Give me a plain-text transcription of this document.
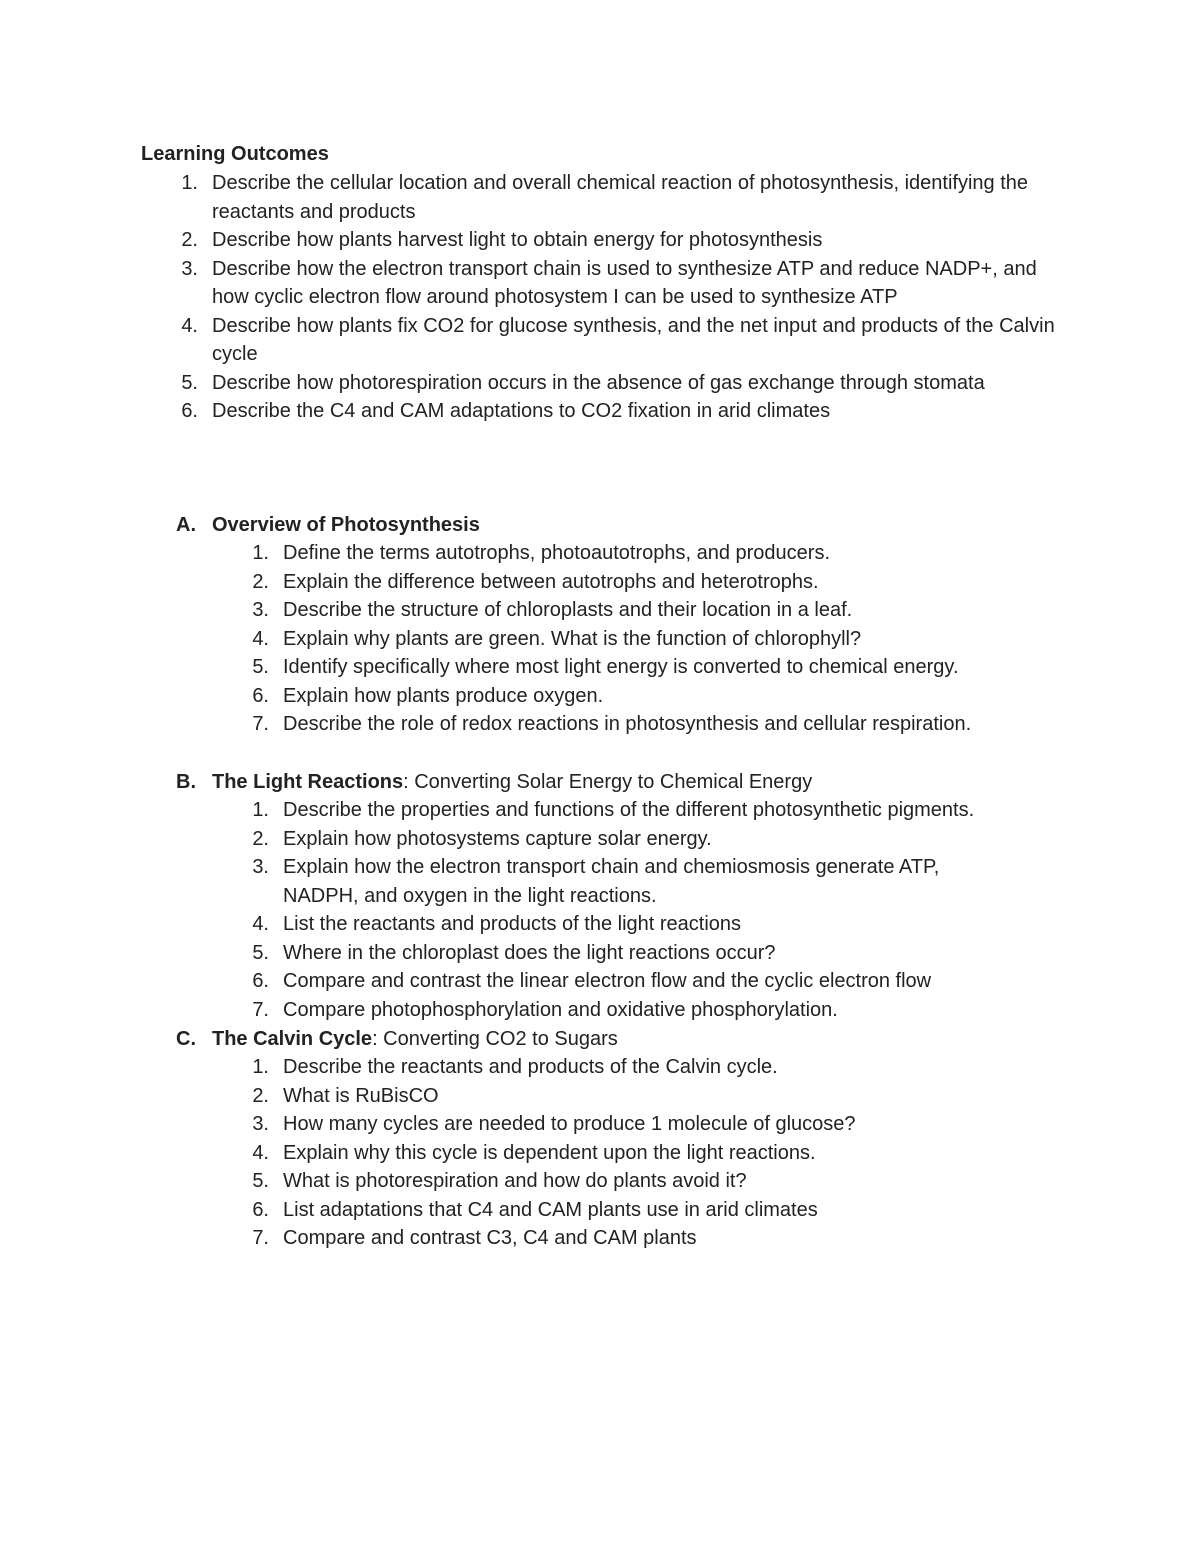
Learning Outcomes
1. Describe the cellular location and overall chemical reaction of photosynthesis, identifying the reactants and products
2. Describe how plants harvest light to obtain energy for photosynthesis
3. Describe how the electron transport chain is used to synthesize ATP and reduce NADP+, and how cyclic electron flow around photosystem I can be used to synthesize ATP
4. Describe how plants fix CO2 for glucose synthesis, and the net input and products of the Calvin cycle
5. Describe how photorespiration occurs in the absence of gas exchange through stomata
6. Describe the C4 and CAM adaptations to CO2 fixation in arid climates
A. Overview of Photosynthesis
1. Define the terms autotrophs, photoautotrophs, and producers.
2. Explain the difference between autotrophs and heterotrophs.
3. Describe the structure of chloroplasts and their location in a leaf.
4. Explain why plants are green. What is the function of chlorophyll?
5. Identify specifically where most light energy is converted to chemical energy.
6. Explain how plants produce oxygen.
7. Describe the role of redox reactions in photosynthesis and cellular respiration.
B. The Light Reactions: Converting Solar Energy to Chemical Energy
1. Describe the properties and functions of the different photosynthetic pigments.
2. Explain how photosystems capture solar energy.
3. Explain how the electron transport chain and chemiosmosis generate ATP, NADPH, and oxygen in the light reactions.
4. List the reactants and products of the light reactions
5. Where in the chloroplast does the light reactions occur?
6. Compare and contrast the linear electron flow and the cyclic electron flow
7. Compare photophosphorylation and oxidative phosphorylation.
C. The Calvin Cycle: Converting CO2 to Sugars
1. Describe the reactants and products of the Calvin cycle.
2. What is RuBisCO
3. How many cycles are needed to produce 1 molecule of glucose?
4. Explain why this cycle is dependent upon the light reactions.
5. What is photorespiration and how do plants avoid it?
6. List adaptations that C4 and CAM plants use in arid climates
7. Compare and contrast C3, C4 and CAM plants
